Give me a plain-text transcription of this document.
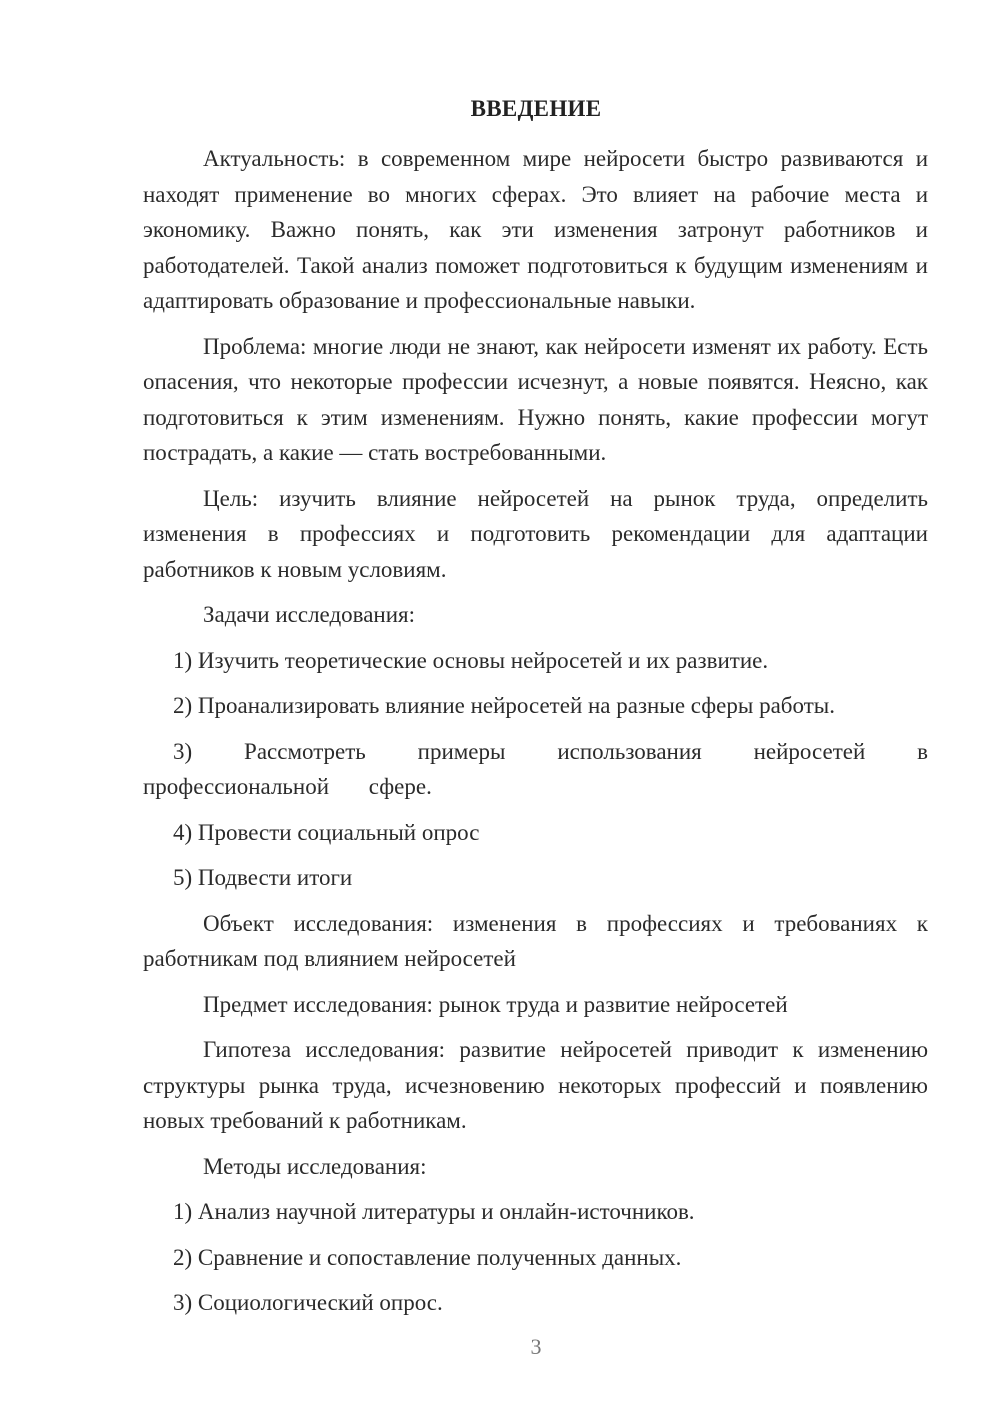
ВВЕДЕНИЕ

Актуальность: в современном мире нейросети быстро развиваются и находят применение во многих сферах. Это влияет на рабочие места и экономику. Важно понять, как эти изменения затронут работников и работодателей. Такой анализ поможет подготовиться к будущим изменениям и адаптировать образование и профессиональные навыки.

Проблема: многие люди не знают, как нейросети изменят их работу. Есть опасения, что некоторые профессии исчезнут, а новые появятся. Неясно, как подготовиться к этим изменениям. Нужно понять, какие профессии могут пострадать, а какие — стать востребованными.

Цель: изучить влияние нейросетей на рынок труда, определить изменения в профессиях и подготовить рекомендации для адаптации работников к новым условиям.

Задачи исследования:

1) Изучить теоретические основы нейросетей и их развитие.

2) Проанализировать влияние нейросетей на разные сферы работы.

3) Рассмотреть примеры использования нейросетей в профессиональной сфере.

4) Провести социальный опрос

5) Подвести итоги

Объект исследования: изменения в профессиях и требованиях к работникам под влиянием нейросетей

Предмет исследования: рынок труда и развитие нейросетей

Гипотеза исследования: развитие нейросетей приводит к изменению структуры рынка труда, исчезновению некоторых профессий и появлению новых требований к работникам.

Методы исследования:

1) Анализ научной литературы и онлайн-источников.

2) Сравнение и сопоставление полученных данных.

3) Социологический опрос.

3
